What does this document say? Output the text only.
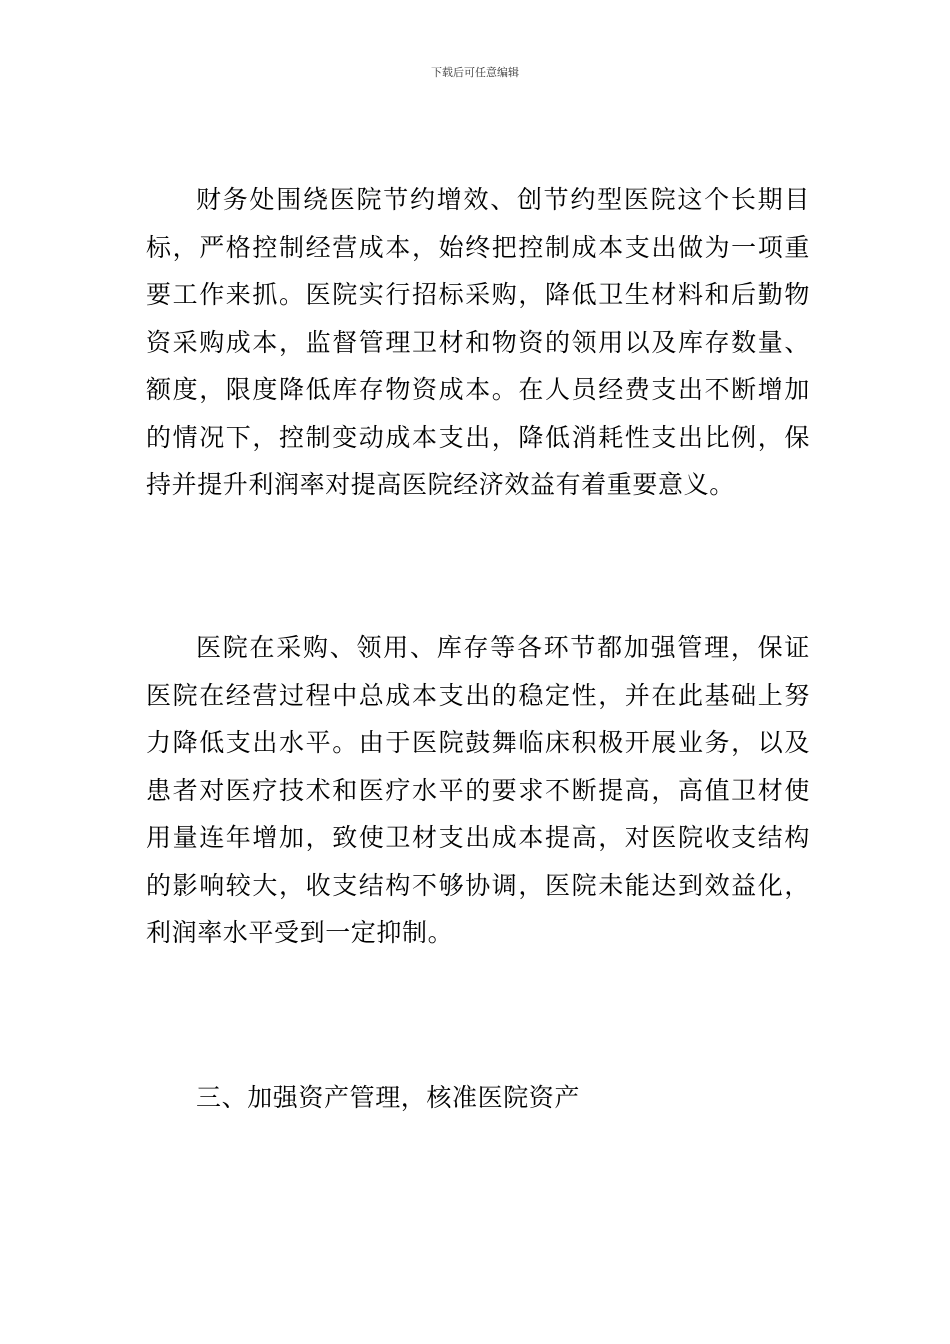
下载后可任意编辑

财务处围绕医院节约增效、创节约型医院这个长期目标，严格控制经营成本，始终把控制成本支出做为一项重要工作来抓。医院实行招标采购，降低卫生材料和后勤物资采购成本，监督管理卫材和物资的领用以及库存数量、额度，限度降低库存物资成本。在人员经费支出不断增加的情况下，控制变动成本支出，降低消耗性支出比例，保持并提升利润率对提高医院经济效益有着重要意义。

医院在采购、领用、库存等各环节都加强管理，保证医院在经营过程中总成本支出的稳定性，并在此基础上努力降低支出水平。由于医院鼓舞临床积极开展业务，以及患者对医疗技术和医疗水平的要求不断提高，高值卫材使用量连年增加，致使卫材支出成本提高，对医院收支结构的影响较大，收支结构不够协调，医院未能达到效益化，利润率水平受到一定抑制。

三、加强资产管理，核准医院资产
